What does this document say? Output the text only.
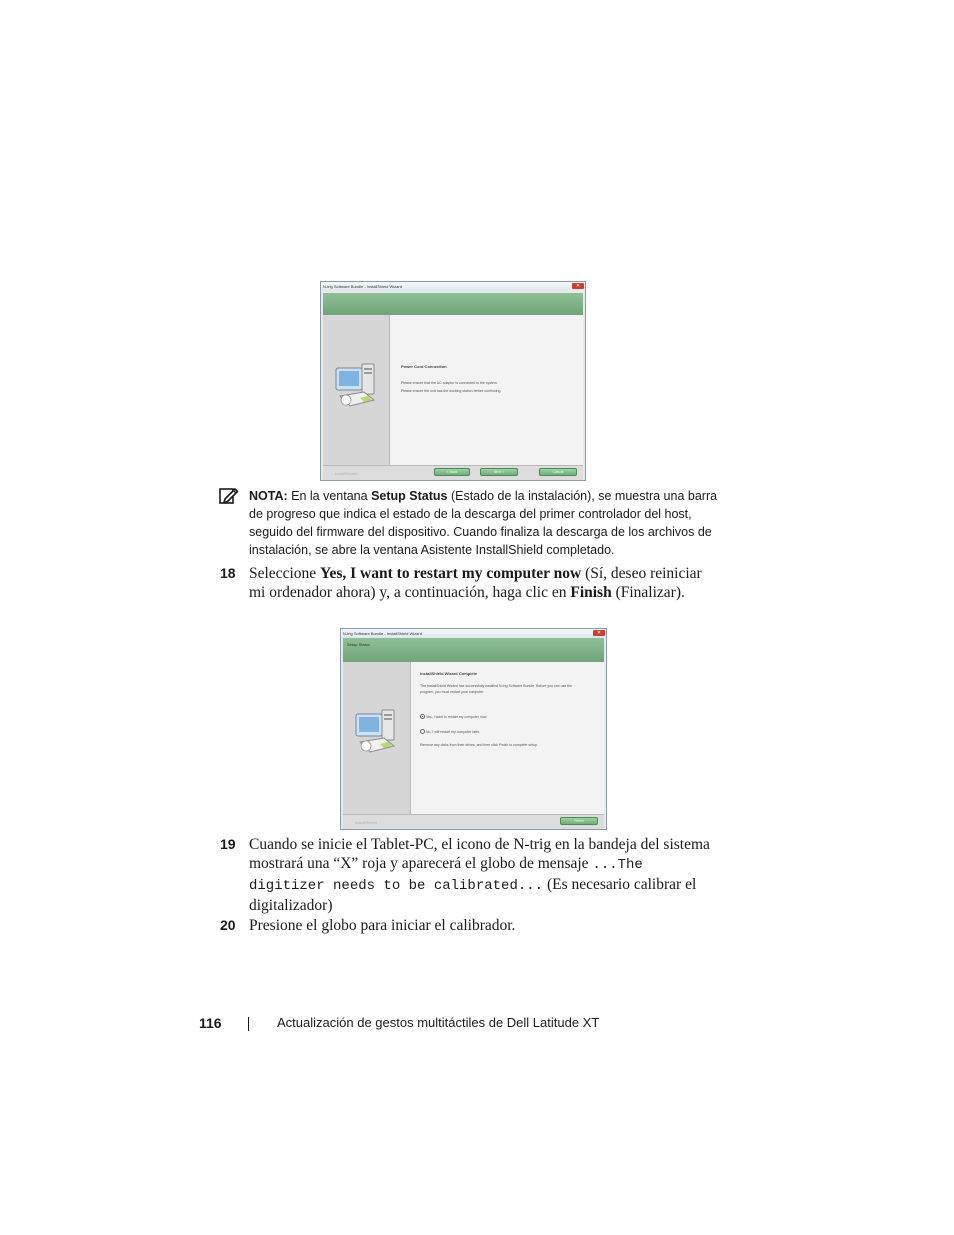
N-trig Software Bundle - InstallShield Wizard	✕
Power Cord Connection
Please ensure that the AC adaptor is connected to the system.
Please ensure the unit has the docking station before continuing.
InstallShield	< Back	Next >	Cancel
NOTA: En la ventana Setup Status (Estado de la instalación), se muestra una barra de progreso que indica el estado de la descarga del primer controlador del host, seguido del firmware del dispositivo. Cuando finaliza la descarga de los archivos de instalación, se abre la ventana Asistente InstallShield completado.
18 Seleccione Yes, I want to restart my computer now (Sí, deseo reiniciar mi ordenador ahora) y, a continuación, haga clic en Finish (Finalizar).
N-trig Software Bundle - InstallShield Wizard	✕
Setup Status
InstallShield Wizard Complete
The InstallShield Wizard has successfully installed N-trig Software Bundle. Before you can use the
program, you must restart your computer.
Yes, I want to restart my computer now.
No, I will restart my computer later.
Remove any disks from their drives, and then click Finish to complete setup.
InstallShield	Finish
19 Cuando se inicie el Tablet-PC, el icono de N-trig en la bandeja del sistema mostrará una “X” roja y aparecerá el globo de mensaje ...The digitizer needs to be calibrated... (Es necesario calibrar el digitalizador)
20 Presione el globo para iniciar el calibrador.
116	Actualización de gestos multitáctiles de Dell Latitude XT
